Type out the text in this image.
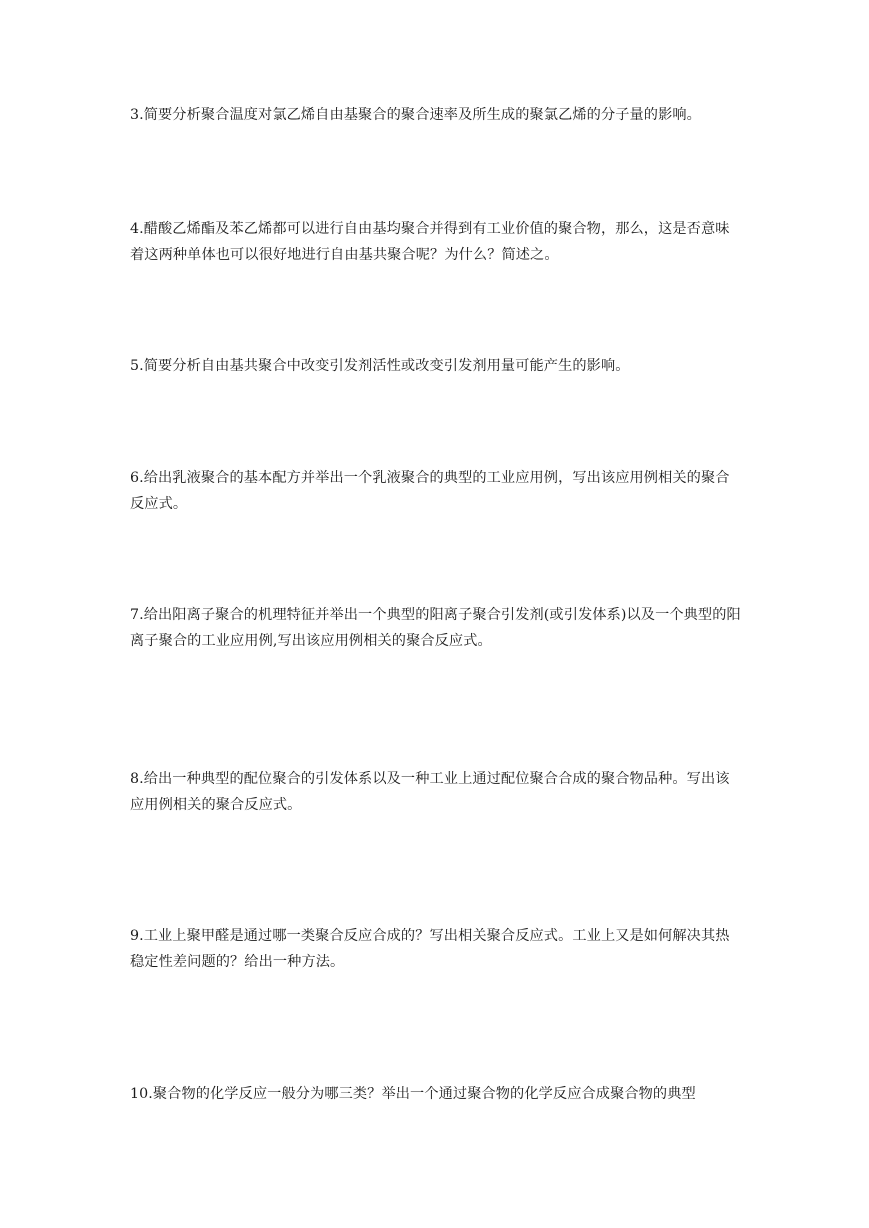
3.简要分析聚合温度对氯乙烯自由基聚合的聚合速率及所生成的聚氯乙烯的分子量的影响。

4.醋酸乙烯酯及苯乙烯都可以进行自由基均聚合并得到有工业价值的聚合物，那么，这是否意味着这两种单体也可以很好地进行自由基共聚合呢？为什么？简述之。

5.简要分析自由基共聚合中改变引发剂活性或改变引发剂用量可能产生的影响。

6.给出乳液聚合的基本配方并举出一个乳液聚合的典型的工业应用例，写出该应用例相关的聚合反应式。

7.给出阳离子聚合的机理特征并举出一个典型的阳离子聚合引发剂(或引发体系)以及一个典型的阳离子聚合的工业应用例,写出该应用例相关的聚合反应式。

8.给出一种典型的配位聚合的引发体系以及一种工业上通过配位聚合合成的聚合物品种。写出该应用例相关的聚合反应式。

9.工业上聚甲醛是通过哪一类聚合反应合成的？写出相关聚合反应式。工业上又是如何解决其热稳定性差问题的？给出一种方法。

10.聚合物的化学反应一般分为哪三类？举出一个通过聚合物的化学反应合成聚合物的典型
